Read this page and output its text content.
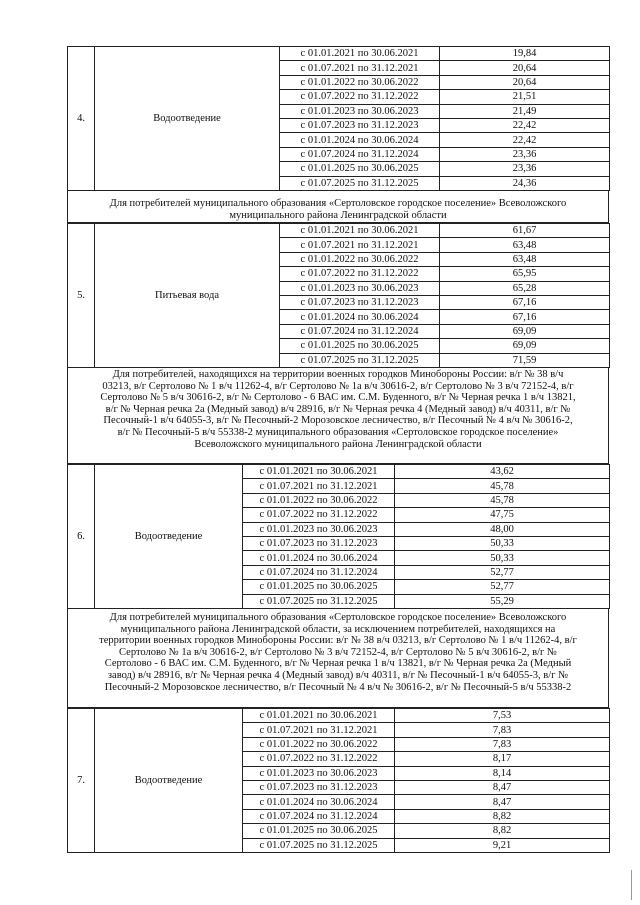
4.	Водоотведение	с 01.01.2021 по 30.06.2021	19,84
		с 01.07.2021 по 31.12.2021	20,64
		с 01.01.2022 по 30.06.2022	20,64
		с 01.07.2022 по 31.12.2022	21,51
		с 01.01.2023 по 30.06.2023	21,49
		с 01.07.2023 по 31.12.2023	22,42
		с 01.01.2024 по 30.06.2024	22,42
		с 01.07.2024 по 31.12.2024	23,36
		с 01.01.2025 по 30.06.2025	23,36
		с 01.07.2025 по 31.12.2025	24,36
Для потребителей муниципального образования «Сертоловское городское поселение» Всеволожского
муниципального района Ленинградской области
5.	Питьевая вода	с 01.01.2021 по 30.06.2021	61,67
		с 01.07.2021 по 31.12.2021	63,48
		с 01.01.2022 по 30.06.2022	63,48
		с 01.07.2022 по 31.12.2022	65,95
		с 01.01.2023 по 30.06.2023	65,28
		с 01.07.2023 по 31.12.2023	67,16
		с 01.01.2024 по 30.06.2024	67,16
		с 01.07.2024 по 31.12.2024	69,09
		с 01.01.2025 по 30.06.2025	69,09
		с 01.07.2025 по 31.12.2025	71,59
Для потребителей, находящихся на территории военных городков Минобороны России: в/г № 38 в/ч
03213, в/г Сертолово № 1 в/ч 11262-4, в/г Сертолово № 1а в/ч 30616-2, в/г Сертолово № 3 в/ч 72152-4, в/г
Сертолово № 5 в/ч 30616-2, в/г № Сертолово - 6 ВАС им. С.М. Буденного, в/г № Черная речка 1 в/ч 13821,
в/г № Черная речка 2а (Медный завод) в/ч 28916, в/г № Черная речка 4 (Медный завод) в/ч 40311, в/г №
Песочный-1 в/ч 64055-3, в/г № Песочный-2 Морозовское лесничество, в/г Песочный № 4 в/ч № 30616-2,
в/г № Песочный-5 в/ч 55338-2 муниципального образования «Сертоловское городское поселение»
Всеволожского муниципального района Ленинградской области
6.	Водоотведение	с 01.01.2021 по 30.06.2021	43,62
		с 01.07.2021 по 31.12.2021	45,78
		с 01.01.2022 по 30.06.2022	45,78
		с 01.07.2022 по 31.12.2022	47,75
		с 01.01.2023 по 30.06.2023	48,00
		с 01.07.2023 по 31.12.2023	50,33
		с 01.01.2024 по 30.06.2024	50,33
		с 01.07.2024 по 31.12.2024	52,77
		с 01.01.2025 по 30.06.2025	52,77
		с 01.07.2025 по 31.12.2025	55,29
Для потребителей муниципального образования «Сертоловское городское поселение» Всеволожского
муниципального района Ленинградской области, за исключением потребителей, находящихся на
территории военных городков Минобороны России: в/г № 38 в/ч 03213, в/г Сертолово № 1 в/ч 11262-4, в/г
Сертолово № 1а в/ч 30616-2, в/г Сертолово № 3 в/ч 72152-4, в/г Сертолово № 5 в/ч 30616-2, в/г №
Сертолово - 6 ВАС им. С.М. Буденного, в/г № Черная речка 1 в/ч 13821, в/г № Черная речка 2а (Медный
завод) в/ч 28916, в/г № Черная речка 4 (Медный завод) в/ч 40311, в/г № Песочный-1 в/ч 64055-3, в/г №
Песочный-2 Морозовское лесничество, в/г Песочный № 4 в/ч № 30616-2, в/г № Песочный-5 в/ч 55338-2
7.	Водоотведение	с 01.01.2021 по 30.06.2021	7,53
		с 01.07.2021 по 31.12.2021	7,83
		с 01.01.2022 по 30.06.2022	7,83
		с 01.07.2022 по 31.12.2022	8,17
		с 01.01.2023 по 30.06.2023	8,14
		с 01.07.2023 по 31.12.2023	8,47
		с 01.01.2024 по 30.06.2024	8,47
		с 01.07.2024 по 31.12.2024	8,82
		с 01.01.2025 по 30.06.2025	8,82
		с 01.07.2025 по 31.12.2025	9,21
